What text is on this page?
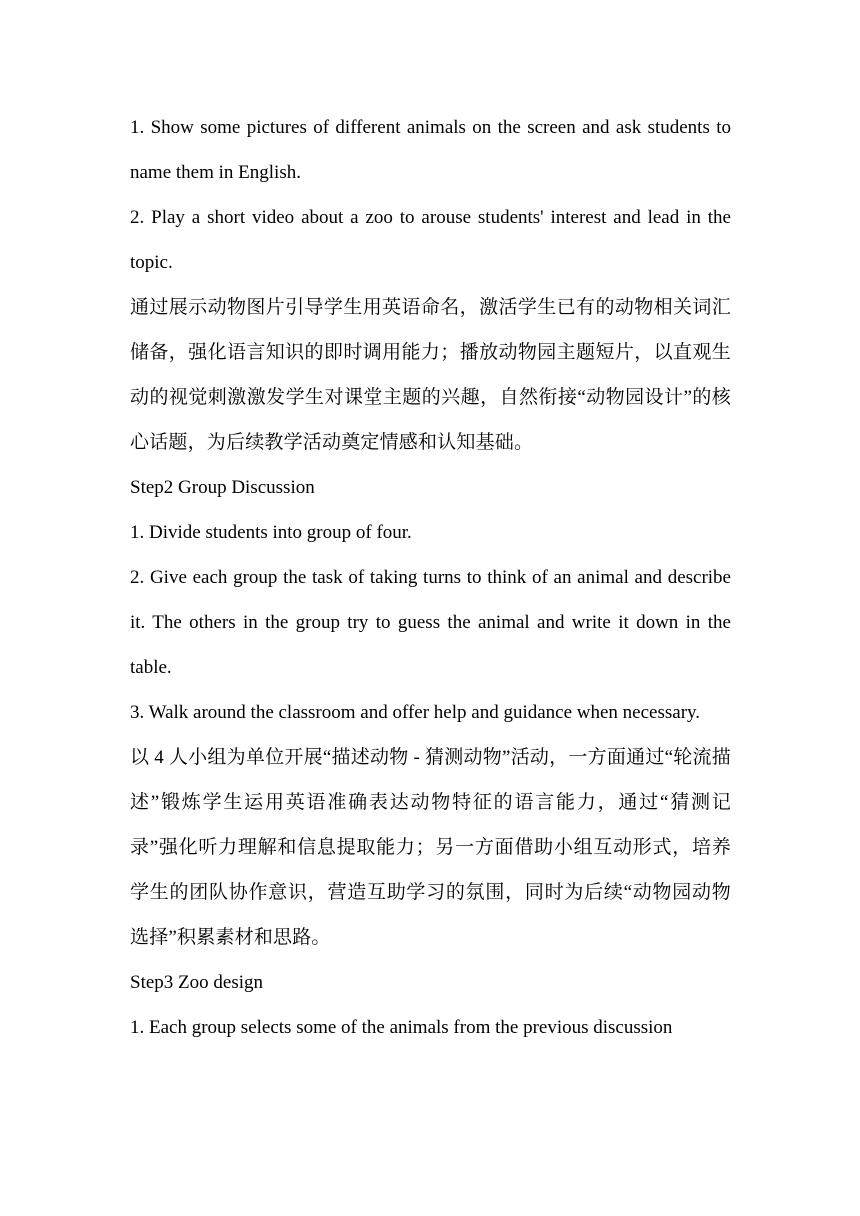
1. Show some pictures of different animals on the screen and ask students to name them in English.

2. Play a short video about a zoo to arouse students' interest and lead in the topic.

通过展示动物图片引导学生用英语命名，激活学生已有的动物相关词汇储备，强化语言知识的即时调用能力；播放动物园主题短片，以直观生动的视觉刺激激发学生对课堂主题的兴趣，自然衔接“动物园设计”的核心话题，为后续教学活动奠定情感和认知基础。

Step2 Group Discussion

1. Divide students into group of four.

2. Give each group the task of taking turns to think of an animal and describe it. The others in the group try to guess the animal and write it down in the table.

3. Walk around the classroom and offer help and guidance when necessary.

以 4 人小组为单位开展“描述动物 - 猜测动物”活动，一方面通过“轮流描述”锻炼学生运用英语准确表达动物特征的语言能力，通过“猜测记录”强化听力理解和信息提取能力；另一方面借助小组互动形式，培养学生的团队协作意识，营造互助学习的氛围，同时为后续“动物园动物选择”积累素材和思路。

Step3 Zoo design

1. Each group selects some of the animals from the previous discussion
